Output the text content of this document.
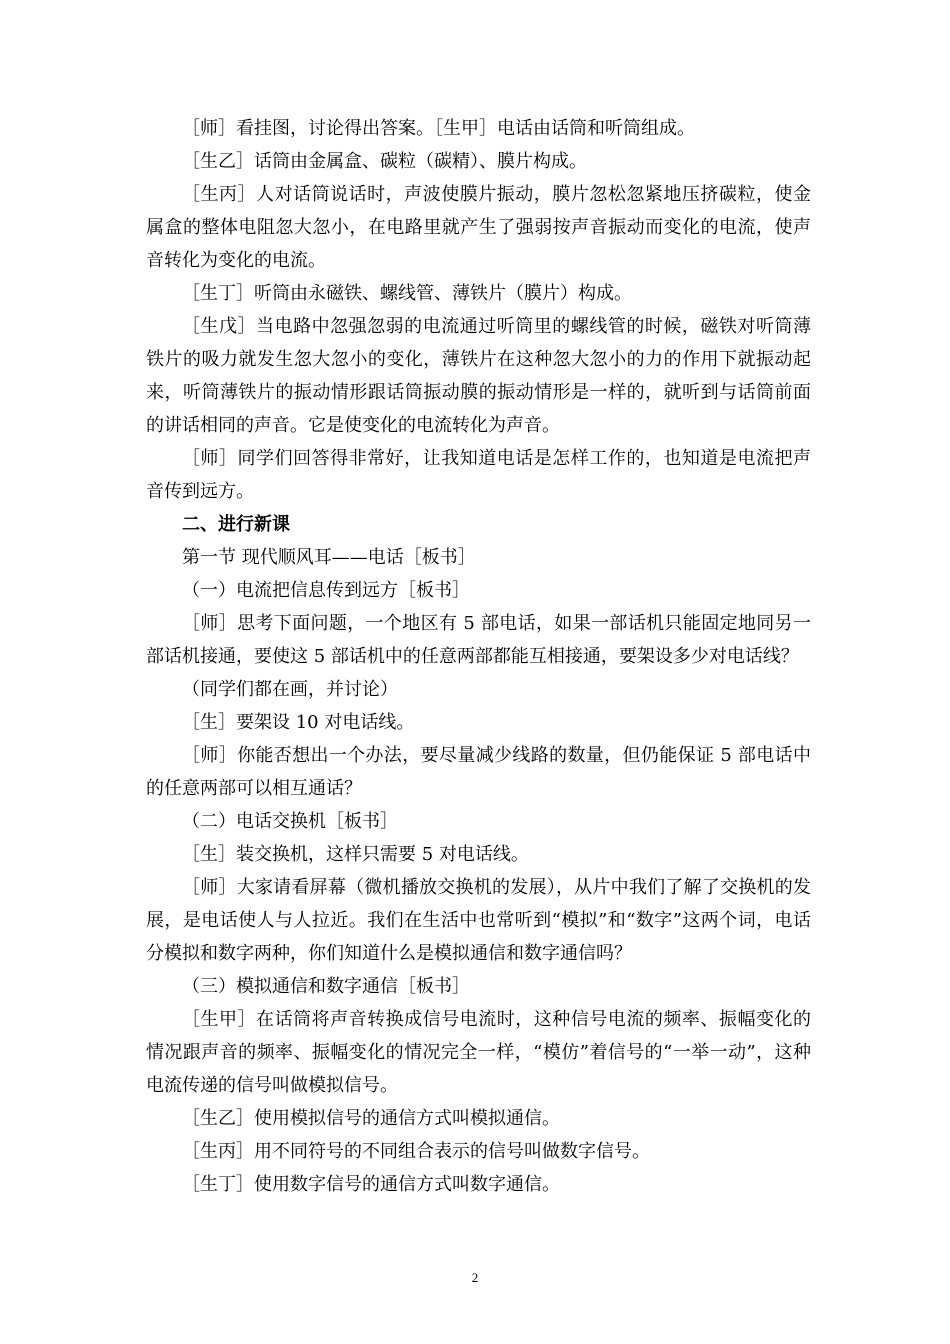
［师］看挂图，讨论得出答案。［生甲］电话由话筒和听筒组成。

［生乙］话筒由金属盒、碳粒（碳精）、膜片构成。

［生丙］人对话筒说话时，声波使膜片振动，膜片忽松忽紧地压挤碳粒，使金属盒的整体电阻忽大忽小，在电路里就产生了强弱按声音振动而变化的电流，使声音转化为变化的电流。

［生丁］听筒由永磁铁、螺线管、薄铁片（膜片）构成。

［生戊］当电路中忽强忽弱的电流通过听筒里的螺线管的时候，磁铁对听筒薄铁片的吸力就发生忽大忽小的变化，薄铁片在这种忽大忽小的力的作用下就振动起来，听筒薄铁片的振动情形跟话筒振动膜的振动情形是一样的，就听到与话筒前面的讲话相同的声音。它是使变化的电流转化为声音。

［师］同学们回答得非常好，让我知道电话是怎样工作的，也知道是电流把声音传到远方。

二、进行新课

第一节 现代顺风耳——电话［板书］

（一）电流把信息传到远方［板书］

［师］思考下面问题，一个地区有 5 部电话，如果一部话机只能固定地同另一部话机接通，要使这 5 部话机中的任意两部都能互相接通，要架设多少对电话线？

（同学们都在画，并讨论）

［生］要架设 10 对电话线。

［师］你能否想出一个办法，要尽量减少线路的数量，但仍能保证 5 部电话中的任意两部可以相互通话？

（二）电话交换机［板书］

［生］装交换机，这样只需要 5 对电话线。

［师］大家请看屏幕（微机播放交换机的发展），从片中我们了解了交换机的发展，是电话使人与人拉近。我们在生活中也常听到“模拟”和“数字”这两个词，电话分模拟和数字两种，你们知道什么是模拟通信和数字通信吗？

（三）模拟通信和数字通信［板书］

［生甲］在话筒将声音转换成信号电流时，这种信号电流的频率、振幅变化的情况跟声音的频率、振幅变化的情况完全一样，“模仿”着信号的“一举一动”，这种电流传递的信号叫做模拟信号。

［生乙］使用模拟信号的通信方式叫模拟通信。

［生丙］用不同符号的不同组合表示的信号叫做数字信号。

［生丁］使用数字信号的通信方式叫数字通信。

2
